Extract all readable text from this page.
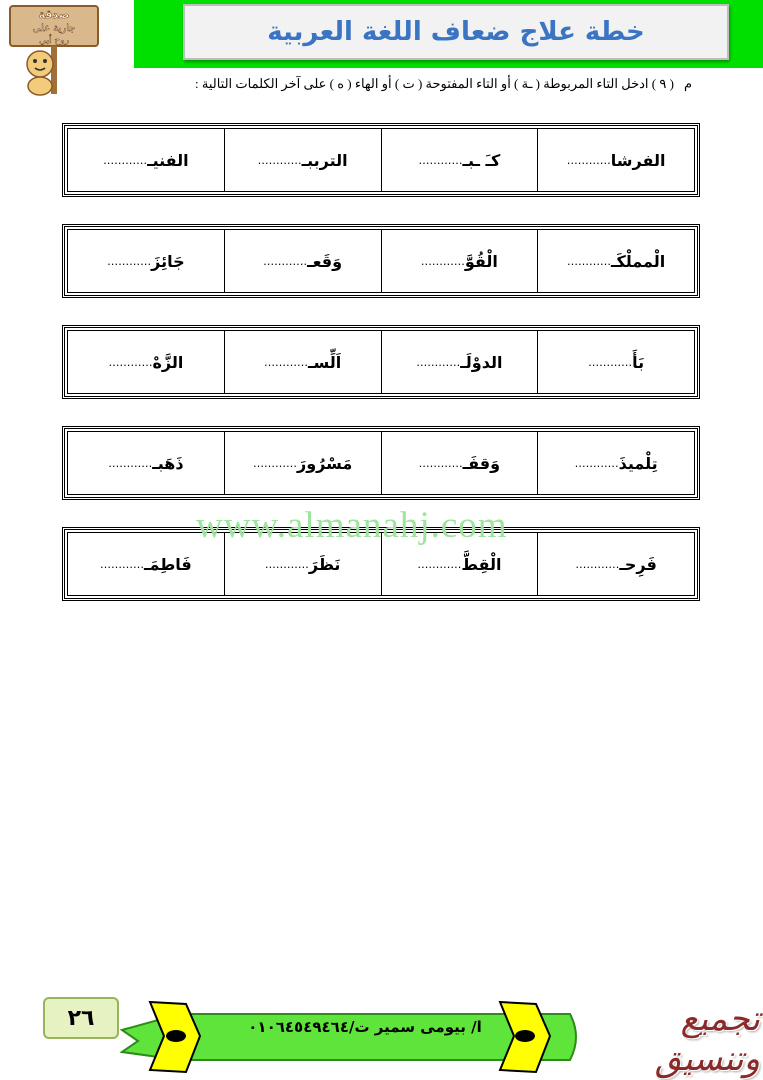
خطة علاج ضعاف اللغة العربية
صدقة
جارية على
روح أبي
م( ٩ ) ادخل التاء المربوطة ( ـة ) أو التاء المفتوحة ( ت ) أو الهاء ( ه ) على آخر الكلمات التالية :
الفرشا
…………
كـَ ـبـ
…………
الترببـ
…………
الفنيـ
…………
الْمملْكَـ
…………
الْقُوَّ
…………
وَقَعـ
…………
جَائِزَ
…………
بَأَ
…………
الدوْلَـ
…………
اَلِّسـ
…………
الزَّهْ
…………
تِلْميذَ
…………
وَقفَـ
…………
مَسْرُورَ
…………
ذَهَبـ
…………
فَرِحـ
…………
الْقِطَّ
…………
نَظَرَ
…………
فَاطِمَـ
…………
www.almanahj.com
٢٦	ا/ بيومى سمير ت/٠١٠٦٤٥٤٩٤٦٤	تجميع وتنسيق
